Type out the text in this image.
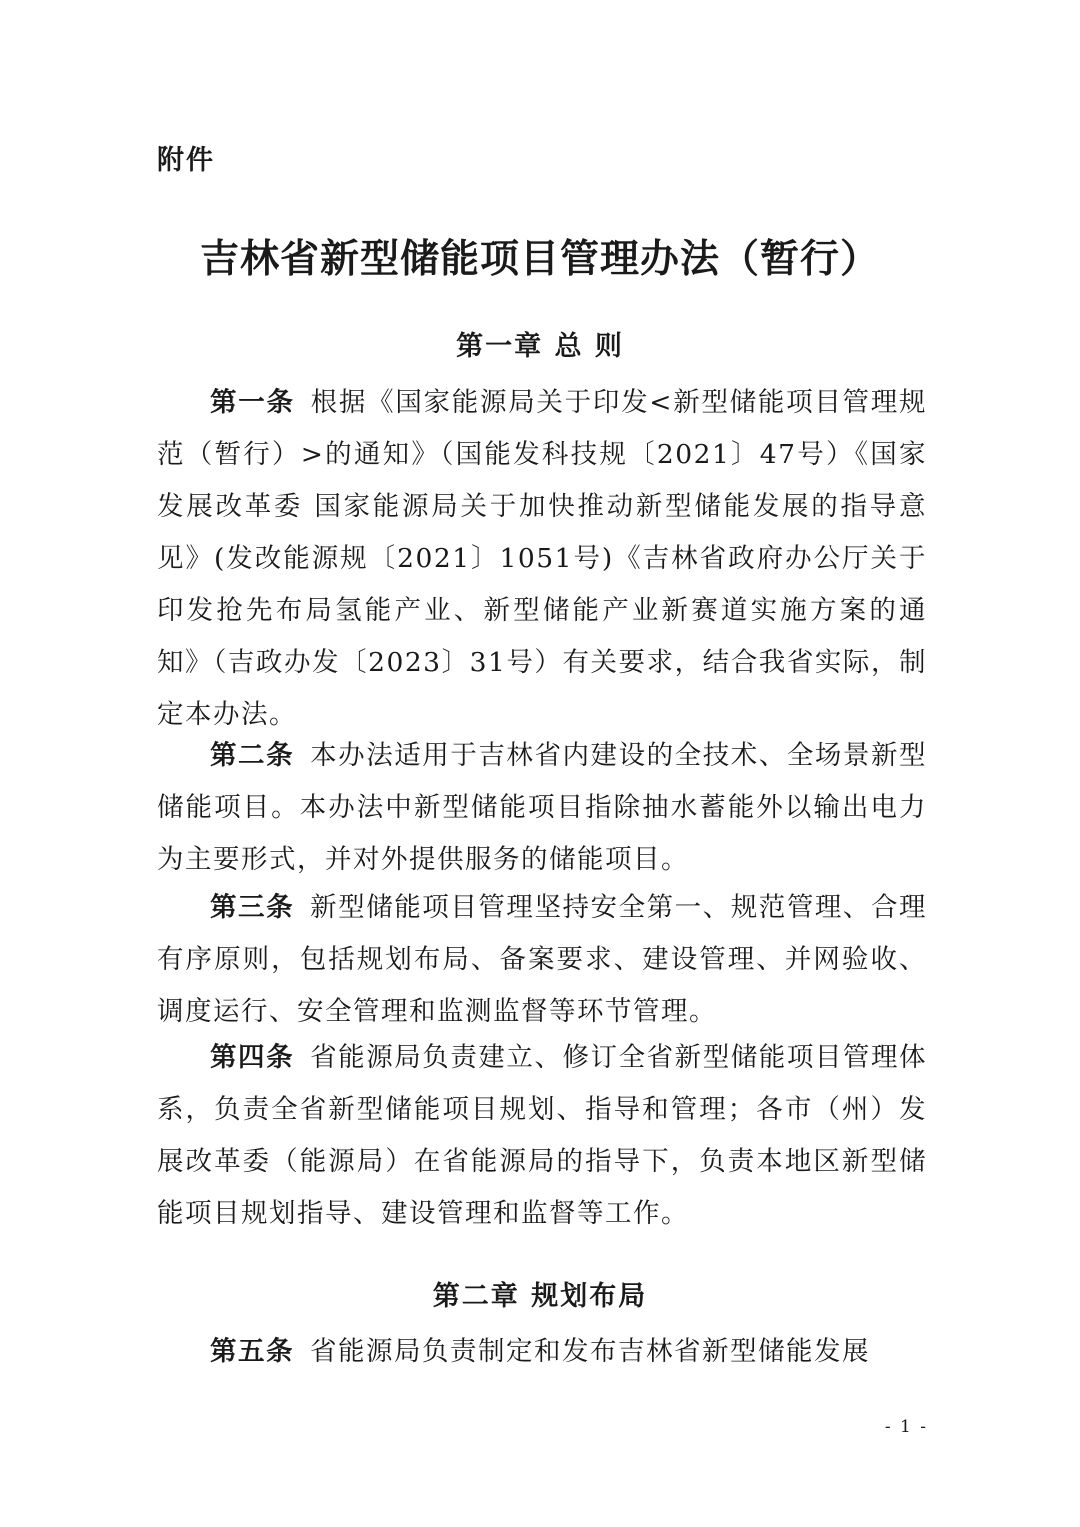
附件
吉林省新型储能项目管理办法（暂行）
第一章 总 则
第一条 根据《国家能源局关于印发<新型储能项目管理规范（暂行）>的通知》（国能发科技规〔2021〕47号）《国家发展改革委 国家能源局关于加快推动新型储能发展的指导意见》(发改能源规〔2021〕1051号)《吉林省政府办公厅关于印发抢先布局氢能产业、新型储能产业新赛道实施方案的通知》（吉政办发〔2023〕31号）有关要求，结合我省实际，制定本办法。
第二条 本办法适用于吉林省内建设的全技术、全场景新型储能项目。本办法中新型储能项目指除抽水蓄能外以输出电力为主要形式，并对外提供服务的储能项目。
第三条 新型储能项目管理坚持安全第一、规范管理、合理有序原则，包括规划布局、备案要求、建设管理、并网验收、调度运行、安全管理和监测监督等环节管理。
第四条 省能源局负责建立、修订全省新型储能项目管理体系，负责全省新型储能项目规划、指导和管理；各市（州）发展改革委（能源局）在省能源局的指导下，负责本地区新型储能项目规划指导、建设管理和监督等工作。
第二章 规划布局
第五条 省能源局负责制定和发布吉林省新型储能发展
- 1 -
